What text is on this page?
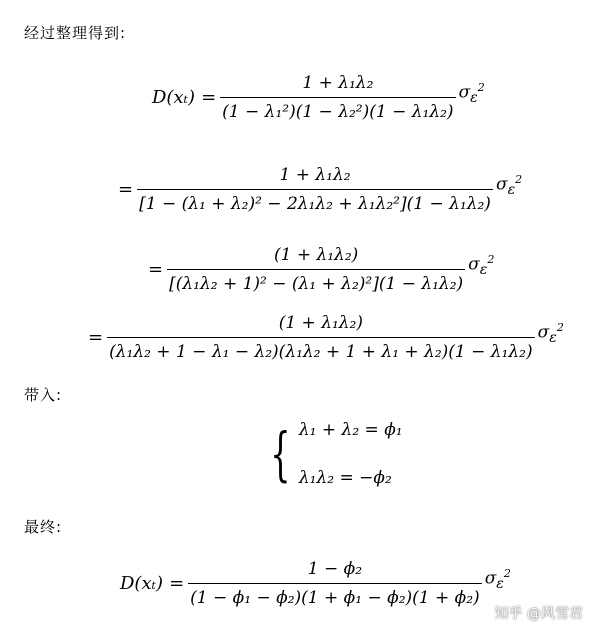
经过整理得到:
$D(x_t) = \frac{\text{1 + λ₁λ₂}}{\text{(1 − λ₁²)(1 − λ₂²)(1 − λ₁λ₂)}} \sigma_\varepsilon^2$
= $\frac{\text{1 + λ₁λ₂}}{\text{[1 − (λ₁ + λ₂)² − 2λ₁λ₂ + λ₁λ₂²](1 − λ₁λ₂)}} \sigma_\varepsilon^2$
= $\frac{\text{(1 + λ₁λ₂)}}{\text{[(λ₁λ₂ + 1)² − (λ₁ + λ₂)²](1 − λ₁λ₂)}} \sigma_\varepsilon^2$
= $\frac{\text{(1 + λ₁λ₂)}}{\text{(λ₁λ₂ + 1 − λ₁ − λ₂)(λ₁λ₂ + 1 + λ₁ + λ₂)(1 − λ₁λ₂)}} \sigma_\varepsilon^2$
带入:
{ λ₁ + λ₂ = ϕ₁
λ₁λ₂ = −ϕ₂
最终:
$D(x_t) = \frac{\text{1 − ϕ₂}}{\text{(1 − ϕ₁ − ϕ₂)(1 + ϕ₁ − ϕ₂)(1 + ϕ₂)}} \sigma_\varepsilon^2$
知乎 @风雪君
